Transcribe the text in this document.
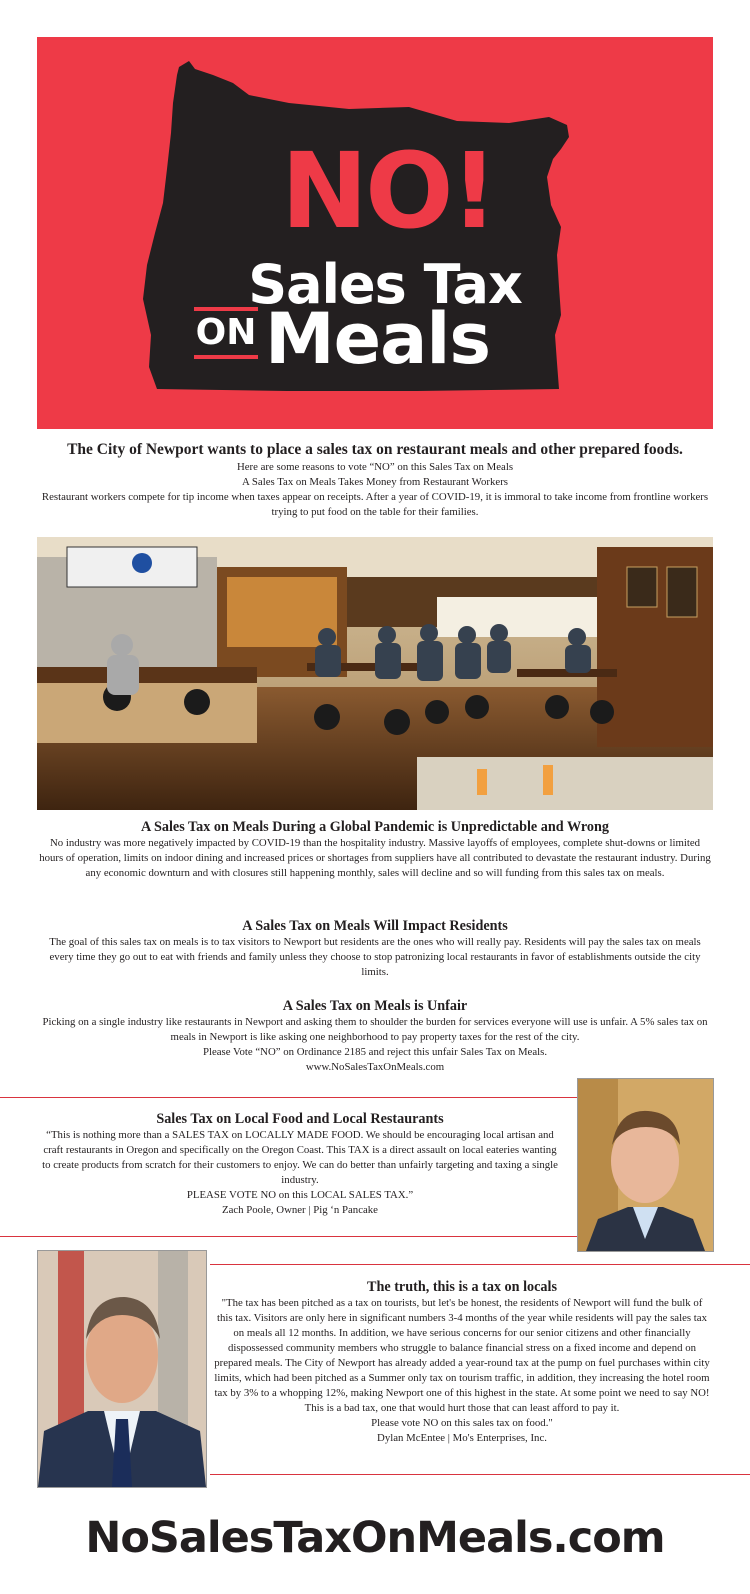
NO!
Sales Tax
ON Meals

The City of Newport wants to place a sales tax on restaurant meals and other prepared foods.

Here are some reasons to vote “NO” on this Sales Tax on Meals

A Sales Tax on Meals Takes Money from Restaurant Workers

Restaurant workers compete for tip income when taxes appear on receipts. After a year of COVID-19, it is immoral to take income from frontline workers trying to put food on the table for their families.

A Sales Tax on Meals During a Global Pandemic is Unpredictable and Wrong

No industry was more negatively impacted by COVID-19 than the hospitality industry. Massive layoffs of employees, complete shut-downs or limited hours of operation, limits on indoor dining and increased prices or shortages from suppliers have all contributed to devastate the restaurant industry. During any economic downturn and with closures still happening monthly, sales will decline and so will funding from this sales tax on meals.

A Sales Tax on Meals Will Impact Residents

The goal of this sales tax on meals is to tax visitors to Newport but residents are the ones who will really pay. Residents will pay the sales tax on meals every time they go out to eat with friends and family unless they choose to stop patronizing local restaurants in favor of establishments outside the city limits.

A Sales Tax on Meals is Unfair

Picking on a single industry like restaurants in Newport and asking them to shoulder the burden for services everyone will use is unfair. A 5% sales tax on meals in Newport is like asking one neighborhood to pay property taxes for the rest of the city.

Please Vote “NO” on Ordinance 2185 and reject this unfair Sales Tax on Meals.

www.NoSalesTaxOnMeals.com

Sales Tax on Local Food and Local Restaurants

“This is nothing more than a SALES TAX on LOCALLY MADE FOOD. We should be encouraging local artisan and craft restaurants in Oregon and specifically on the Oregon Coast. This TAX is a direct assault on local eateries wanting to create products from scratch for their customers to enjoy. We can do better than unfairly targeting and taxing a single industry.

PLEASE VOTE NO on this LOCAL SALES TAX.”

Zach Poole, Owner | Pig ‘n Pancake

The truth, this is a tax on locals

"The tax has been pitched as a tax on tourists, but let's be honest, the residents of Newport will fund the bulk of this tax. Visitors are only here in significant numbers 3-4 months of the year while residents will pay the sales tax on meals all 12 months. In addition, we have serious concerns for our senior citizens and other financially dispossessed community members who struggle to balance financial stress on a fixed income and depend on prepared meals. The City of Newport has already added a year-round tax at the pump on fuel purchases within city limits, which had been pitched as a Summer only tax on tourism traffic, in addition, they increasing the hotel room tax by 3% to a whopping 12%, making Newport one of this highest in the state. At some point we need to say NO! This is a bad tax, one that would hurt those that can least afford to pay it.

Please vote NO on this sales tax on food."

Dylan McEntee | Mo's Enterprises, Inc.

NoSalesTaxOnMeals.com
